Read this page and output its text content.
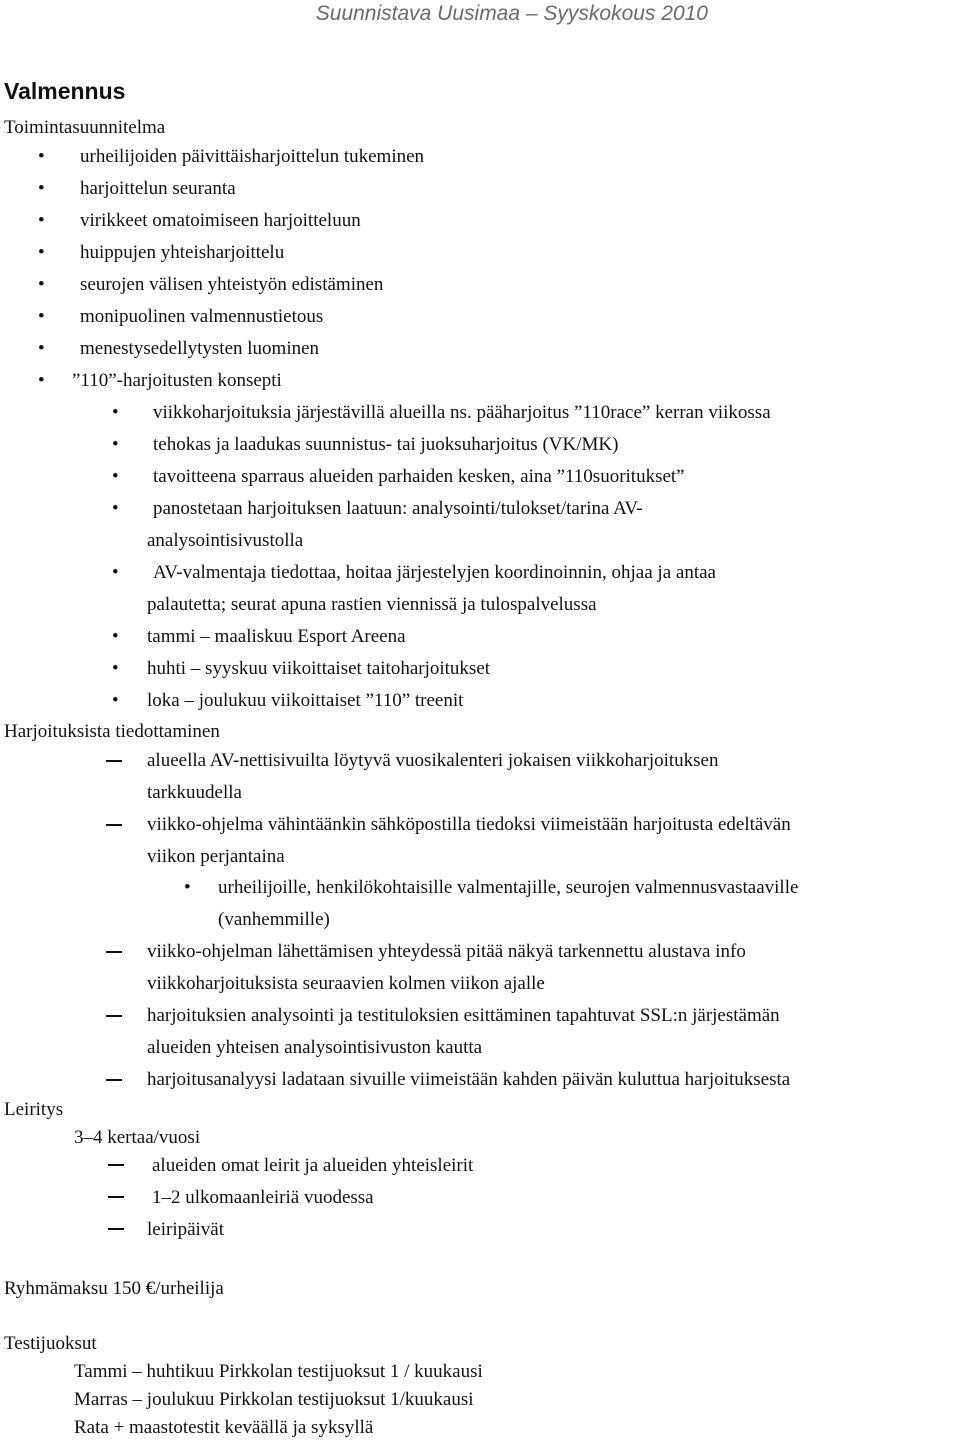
Suunnistava Uusimaa – Syyskokous 2010
Valmennus
Toimintasuunnitelma
• urheilijoiden päivittäisharjoittelun tukeminen
• harjoittelun seuranta
• virikkeet omatoimiseen harjoitteluun
• huippujen yhteisharjoittelu
• seurojen välisen yhteistyön edistäminen
• monipuolinen valmennustietous
• menestysedellytysten luominen
• ”110”-harjoitusten konsepti
• viikkoharjoituksia järjestävillä alueilla ns. pääharjoitus ”110race” kerran viikossa
• tehokas ja laadukas suunnistus- tai juoksuharjoitus (VK/MK)
• tavoitteena sparraus alueiden parhaiden kesken, aina ”110suoritukset”
• panostetaan harjoituksen laatuun: analysointi/tulokset/tarina AV-
analysointisivustolla
• AV-valmentaja tiedottaa, hoitaa järjestelyjen koordinoinnin, ohjaa ja antaa
palautetta; seurat apuna rastien viennissä ja tulospalvelussa
• tammi – maaliskuu Esport Areena
• huhti – syyskuu viikoittaiset taitoharjoitukset
• loka – joulukuu viikoittaiset ”110” treenit
Harjoituksista tiedottaminen
alueella AV-nettisivuilta löytyvä vuosikalenteri jokaisen viikkoharjoituksen
tarkkuudella
viikko-ohjelma vähintäänkin sähköpostilla tiedoksi viimeistään harjoitusta edeltävän
viikon perjantaina
• urheilijoille, henkilökohtaisille valmentajille, seurojen valmennusvastaaville
(vanhemmille)
viikko-ohjelman lähettämisen yhteydessä pitää näkyä tarkennettu alustava info
viikkoharjoituksista seuraavien kolmen viikon ajalle
harjoituksien analysointi ja testituloksien esittäminen tapahtuvat SSL:n järjestämän
alueiden yhteisen analysointisivuston kautta
harjoitusanalyysi ladataan sivuille viimeistään kahden päivän kuluttua harjoituksesta
Leiritys
3–4 kertaa/vuosi
alueiden omat leirit ja alueiden yhteisleirit
1–2 ulkomaanleiriä vuodessa
leiripäivät
Ryhmämaksu 150 €/urheilija
Testijuoksut
Tammi – huhtikuu Pirkkolan testijuoksut 1 / kuukausi
Marras – joulukuu Pirkkolan testijuoksut 1/kuukausi
Rata + maastotestit keväällä ja syksyllä
